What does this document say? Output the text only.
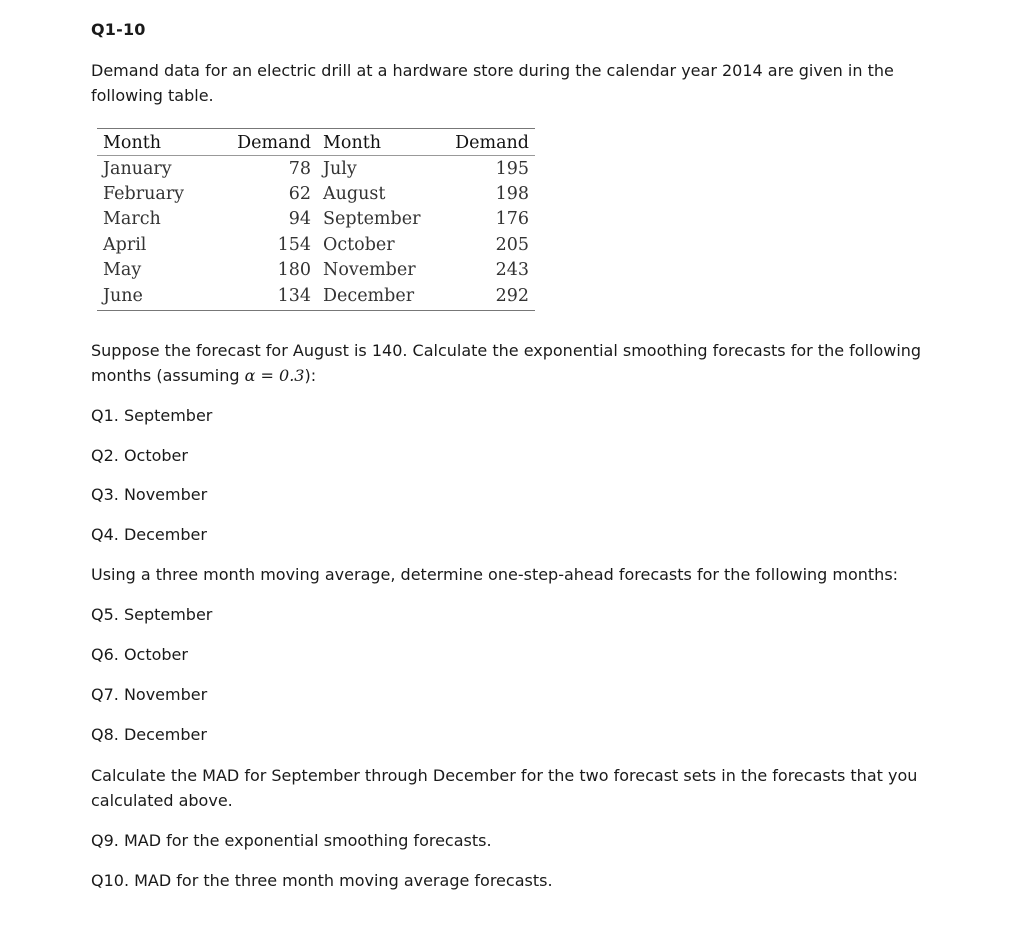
Q1-10
Demand data for an electric drill at a hardware store during the calendar year 2014 are given in the following table.
Month	Demand	Month	Demand
January	78	July	195
February	62	August	198
March	94	September	176
April	154	October	205
May	180	November	243
June	134	December	292
Suppose the forecast for August is 140. Calculate the exponential smoothing forecasts for the following months (assuming α = 0.3):
Q1. September
Q2. October
Q3. November
Q4. December
Using a three month moving average, determine one-step-ahead forecasts for the following months:
Q5. September
Q6. October
Q7. November
Q8. December
Calculate the MAD for September through December for the two forecast sets in the forecasts that you calculated above.
Q9. MAD for the exponential smoothing forecasts.
Q10. MAD for the three month moving average forecasts.
